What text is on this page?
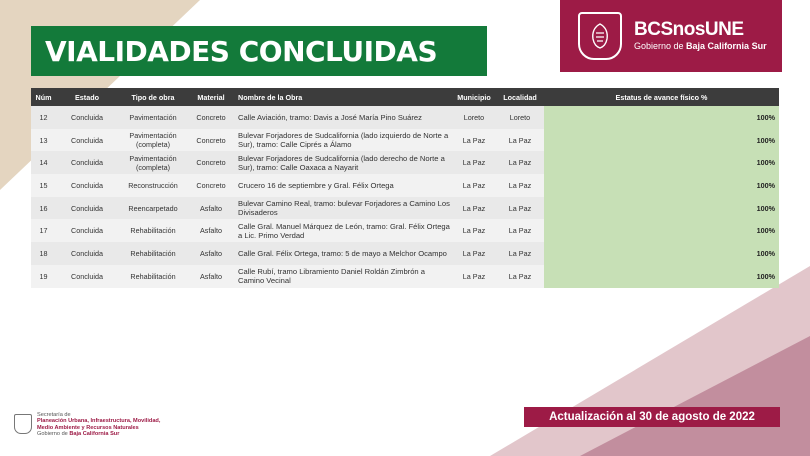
VIALIDADES CONCLUIDAS
BCSnosUNE
Gobierno de Baja California Sur
Núm	Estado	Tipo de obra	Material	Nombre de la Obra	Municipio	Localidad	Estatus de avance físico %
12	Concluida	Pavimentación	Concreto	Calle Aviación, tramo: Davis a José María Pino Suárez	Loreto	Loreto	100%
13	Concluida	Pavimentación (completa)	Concreto	Bulevar Forjadores de Sudcalifornia (lado izquierdo de Norte a Sur), tramo: Calle Ciprés a Álamo	La Paz	La Paz	100%
14	Concluida	Pavimentación (completa)	Concreto	Bulevar Forjadores de Sudcalifornia (lado derecho de Norte a Sur), tramo: Calle Oaxaca a Nayarit	La Paz	La Paz	100%
15	Concluida	Reconstrucción	Concreto	Crucero 16 de septiembre y Gral. Félix Ortega	La Paz	La Paz	100%
16	Concluida	Reencarpetado	Asfalto	Bulevar Camino Real, tramo: bulevar Forjadores a Camino Los Divisaderos	La Paz	La Paz	100%
17	Concluida	Rehabilitación	Asfalto	Calle Gral. Manuel Márquez de León, tramo: Gral. Félix Ortega a Lic. Primo Verdad	La Paz	La Paz	100%
18	Concluida	Rehabilitación	Asfalto	Calle Gral. Félix Ortega, tramo: 5 de mayo a Melchor Ocampo	La Paz	La Paz	100%
19	Concluida	Rehabilitación	Asfalto	Calle Rubí, tramo Libramiento Daniel Roldán Zimbrón a Camino Vecinal	La Paz	La Paz	100%
Secretaría de
Planeación Urbana, Infraestructura, Movilidad, Medio Ambiente y Recursos Naturales
Gobierno de Baja California Sur
Actualización al 30 de agosto de 2022
